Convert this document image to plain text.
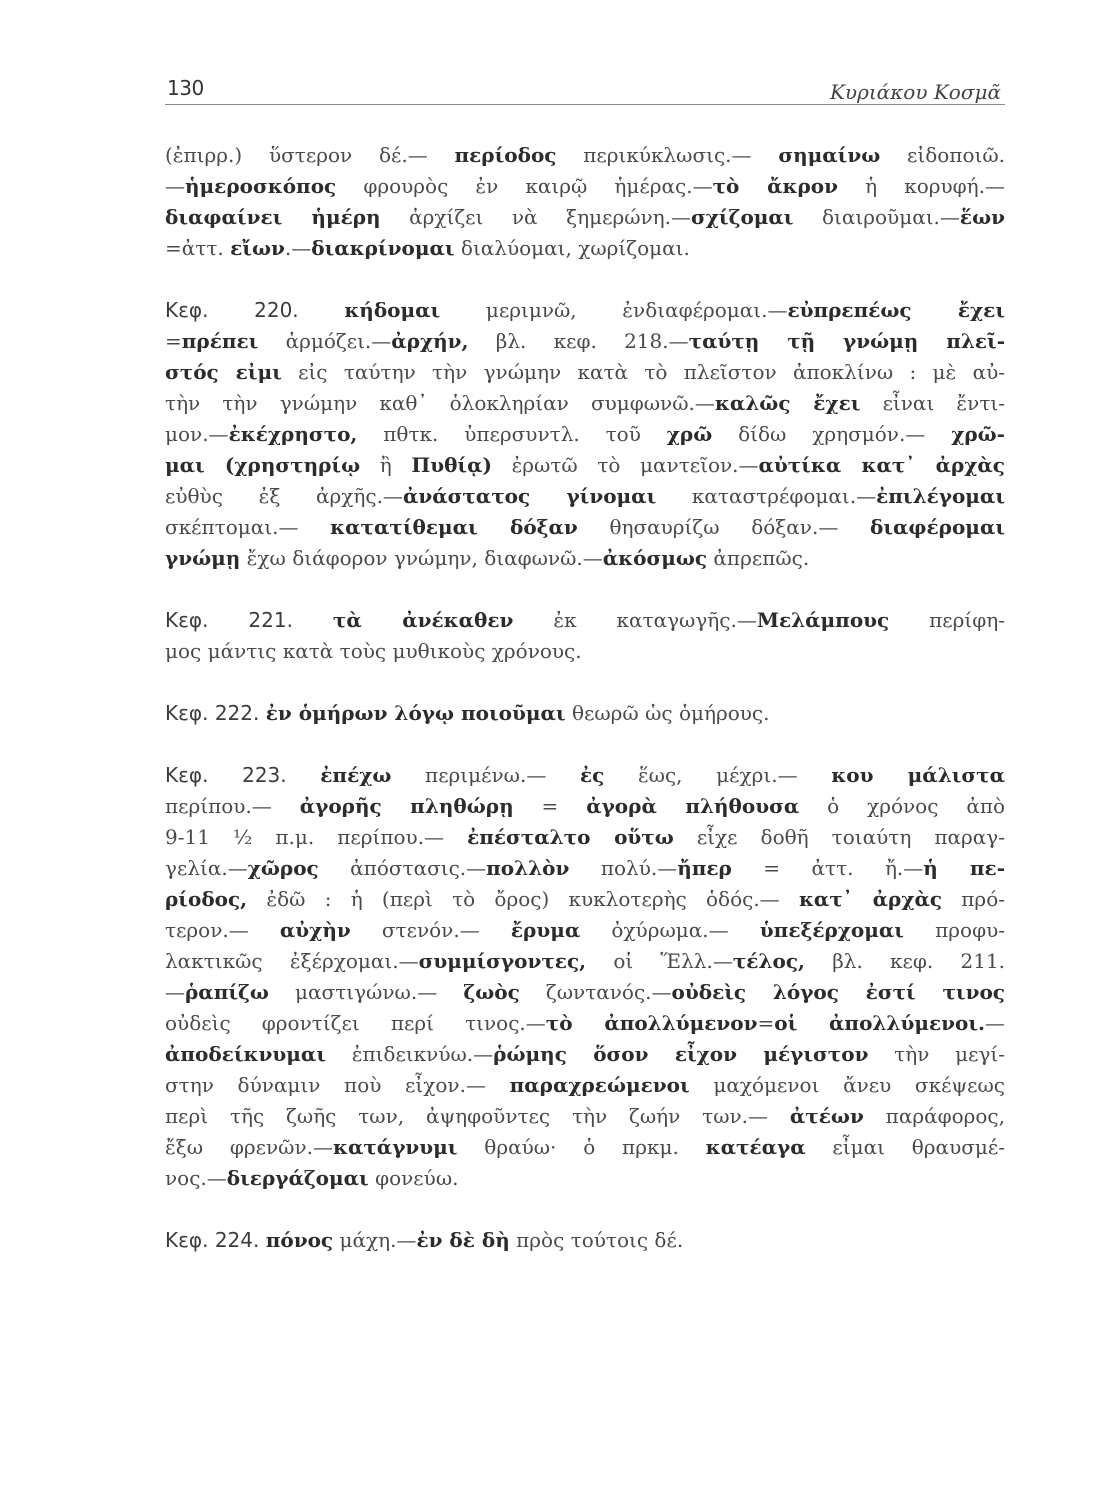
130	Κυριάκου Κοσμᾶ
(ἐπιρρ.) ὕστερον δέ.— περίοδος περικύκλωσις.— σημαίνω εἰδοποιῶ.
—ἡμεροσκόπος φρουρὸς ἐν καιρῷ ἡμέρας.—τὸ ἄκρον ἡ κορυφή.—
διαφαίνει ἡμέρη ἀρχίζει νὰ ξημερώνη.—σχίζομαι διαιροῦμαι.—ἕων
=ἀττ. εἴων.—διακρίνομαι διαλύομαι, χωρίζομαι.
Κεφ. 220. κήδομαι μεριμνῶ, ἐνδιαφέρομαι.—εὐπρεπέως ἔχει
=πρέπει ἁρμόζει.—ἀρχήν, βλ. κεφ. 218.—ταύτῃ τῇ γνώμῃ πλεῖ-
στός εἰμι εἰς ταύτην τὴν γνώμην κατὰ τὸ πλεῖστον ἀποκλίνω : μὲ αὐ-
τὴν τὴν γνώμην καθ᾽ ὁλοκληρίαν συμφωνῶ.—καλῶς ἔχει εἶναι ἔντι-
μον.—ἐκέχρηστο, πθτκ. ὑπερσυντλ. τοῦ χρῶ δίδω χρησμόν.— χρῶ-
μαι (χρηστηρίῳ ἢ Πυθίᾳ) ἐρωτῶ τὸ μαντεῖον.—αὐτίκα κατ᾽ ἀρχὰς
εὐθὺς ἐξ ἀρχῆς.—ἀνάστατος γίνομαι καταστρέφομαι.—ἐπιλέγομαι
σκέπτομαι.— κατατίθεμαι δόξαν θησαυρίζω δόξαν.— διαφέρομαι
γνώμῃ ἔχω διάφορον γνώμην, διαφωνῶ.—ἀκόσμως ἀπρεπῶς.
Κεφ. 221. τὰ ἀνέκαθεν ἐκ καταγωγῆς.—Μελάμπους περίφη-
μος μάντις κατὰ τοὺς μυθικοὺς χρόνους.
Κεφ. 222. ἐν ὁμήρων λόγῳ ποιοῦμαι θεωρῶ ὡς ὁμήρους.
Κεφ. 223. ἐπέχω περιμένω.— ἐς ἕως, μέχρι.— κου μάλιστα
περίπου.— ἀγορῆς πληθώρῃ = ἀγορὰ πλήθουσα ὁ χρόνος ἀπὸ
9-11 ½ π.μ. περίπου.— ἐπέσταλτο οὕτω εἶχε δοθῆ τοιαύτη παραγ-
γελία.—χῶρος ἀπόστασις.—πολλὸν πολύ.—ἤπερ = ἀττ. ἤ.—ἡ πε-
ρίοδος, ἐδῶ : ἡ (περὶ τὸ ὄρος) κυκλοτερὴς ὁδός.— κατ᾽ ἀρχὰς πρό-
τερον.— αὐχὴν στενόν.— ἔρυμα ὀχύρωμα.— ὑπεξέρχομαι προφυ-
λακτικῶς ἐξέρχομαι.—συμμίσγοντες, οἱ Ἕλλ.—τέλος, βλ. κεφ. 211.
—ῥαπίζω μαστιγώνω.— ζωὸς ζωντανός.—οὐδεὶς λόγος ἐστί τινος
οὐδεὶς φροντίζει περί τινος.—τὸ ἀπολλύμενον=οἱ ἀπολλύμενοι.—
ἀποδείκνυμαι ἐπιδεικνύω.—ῥώμης ὅσον εἶχον μέγιστον τὴν μεγί-
στην δύναμιν ποὺ εἶχον.— παραχρεώμενοι μαχόμενοι ἄνευ σκέψεως
περὶ τῆς ζωῆς των, ἀψηφοῦντες τὴν ζωήν των.— ἀτέων παράφορος,
ἔξω φρενῶν.—κατάγνυμι θραύω· ὁ πρκμ. κατέαγα εἶμαι θραυσμέ-
νος.—διεργάζομαι φονεύω.
Κεφ. 224. πόνος μάχη.—ἐν δὲ δὴ πρὸς τούτοις δέ.
